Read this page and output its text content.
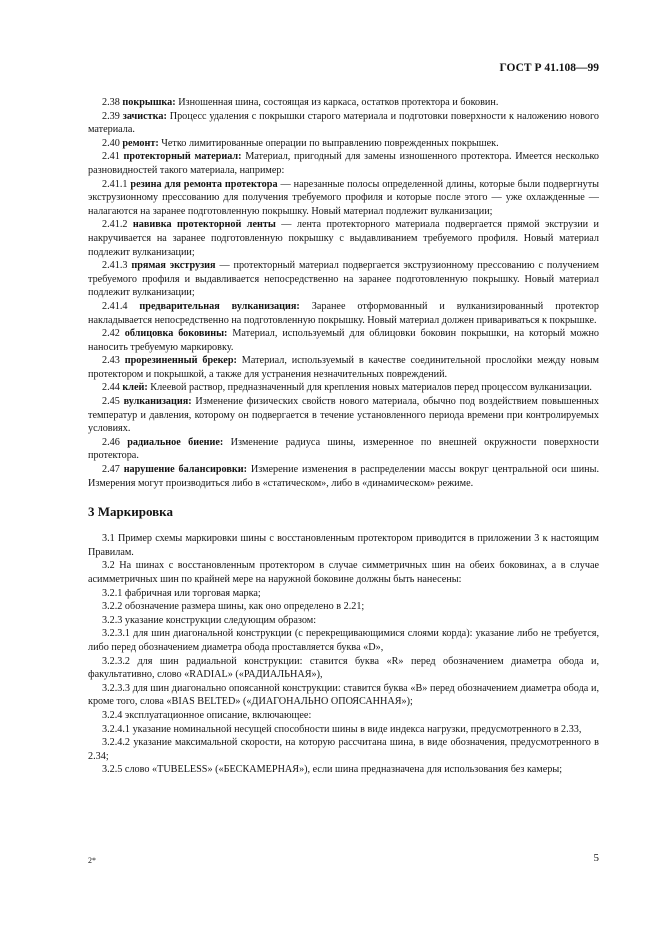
ГОСТ Р 41.108—99

2.38 покрышка: Изношенная шина, состоящая из каркаса, остатков протектора и боковин.

2.39 зачистка: Процесс удаления с покрышки старого материала и подготовки поверхности к наложению нового материала.

2.40 ремонт: Четко лимитированные операции по выправлению поврежденных покрышек.

2.41 протекторный материал: Материал, пригодный для замены изношенного протектора. Имеется несколько разновидностей такого материала, например:

2.41.1 резина для ремонта протектора — нарезанные полосы определенной длины, которые были подвергнуты экструзионному прессованию для получения требуемого профиля и которые после этого — уже охлажденные — налагаются на заранее подготовленную покрышку. Новый материал подлежит вулканизации;

2.41.2 навивка протекторной ленты — лента протекторного материала подвергается прямой экструзии и накручивается на заранее подготовленную покрышку с выдавливанием требуемого профиля. Новый материал подлежит вулканизации;

2.41.3 прямая экструзия — протекторный материал подвергается экструзионному прессованию с получением требуемого профиля и выдавливается непосредственно на заранее подготовленную покрышку. Новый материал подлежит вулканизации;

2.41.4 предварительная вулканизация: Заранее отформованный и вулканизированный протектор накладывается непосредственно на подготовленную покрышку. Новый материал должен привариваться к покрышке.

2.42 облицовка боковины: Материал, используемый для облицовки боковин покрышки, на который можно наносить требуемую маркировку.

2.43 прорезиненный брекер: Материал, используемый в качестве соединительной прослойки между новым протектором и покрышкой, а также для устранения незначительных повреждений.

2.44 клей: Клеевой раствор, предназначенный для крепления новых материалов перед процессом вулканизации.

2.45 вулканизация: Изменение физических свойств нового материала, обычно под воздействием повышенных температур и давления, которому он подвергается в течение установленного периода времени при контролируемых условиях.

2.46 радиальное биение: Изменение радиуса шины, измеренное по внешней окружности поверхности протектора.

2.47 нарушение балансировки: Измерение изменения в распределении массы вокруг центральной оси шины. Измерения могут производиться либо в «статическом», либо в «динамическом» режиме.

3 Маркировка

3.1 Пример схемы маркировки шины с восстановленным протектором приводится в приложении 3 к настоящим Правилам.

3.2 На шинах с восстановленным протектором в случае симметричных шин на обеих боковинах, а в случае асимметричных шин по крайней мере на наружной боковине должны быть нанесены:

3.2.1 фабричная или торговая марка;

3.2.2 обозначение размера шины, как оно определено в 2.21;

3.2.3 указание конструкции следующим образом:

3.2.3.1 для шин диагональной конструкции (с перекрещивающимися слоями корда): указание либо не требуется, либо перед обозначением диаметра обода проставляется буква «D»,

3.2.3.2 для шин радиальной конструкции: ставится буква «R» перед обозначением диаметра обода и, факультативно, слово «RADIAL» («РАДИАЛЬНАЯ»),

3.2.3.3 для шин диагонально опоясанной конструкции: ставится буква «B» перед обозначением диаметра обода и, кроме того, слова «BIAS BELTED» («ДИАГОНАЛЬНО ОПОЯСАННАЯ»);

3.2.4 эксплуатационное описание, включающее:

3.2.4.1 указание номинальной несущей способности шины в виде индекса нагрузки, предусмотренного в 2.33,

3.2.4.2 указание максимальной скорости, на которую рассчитана шина, в виде обозначения, предусмотренного в 2.34;

3.2.5 слово «TUBELESS» («БЕСКАМЕРНАЯ»), если шина предназначена для использования без камеры;

2*	5
